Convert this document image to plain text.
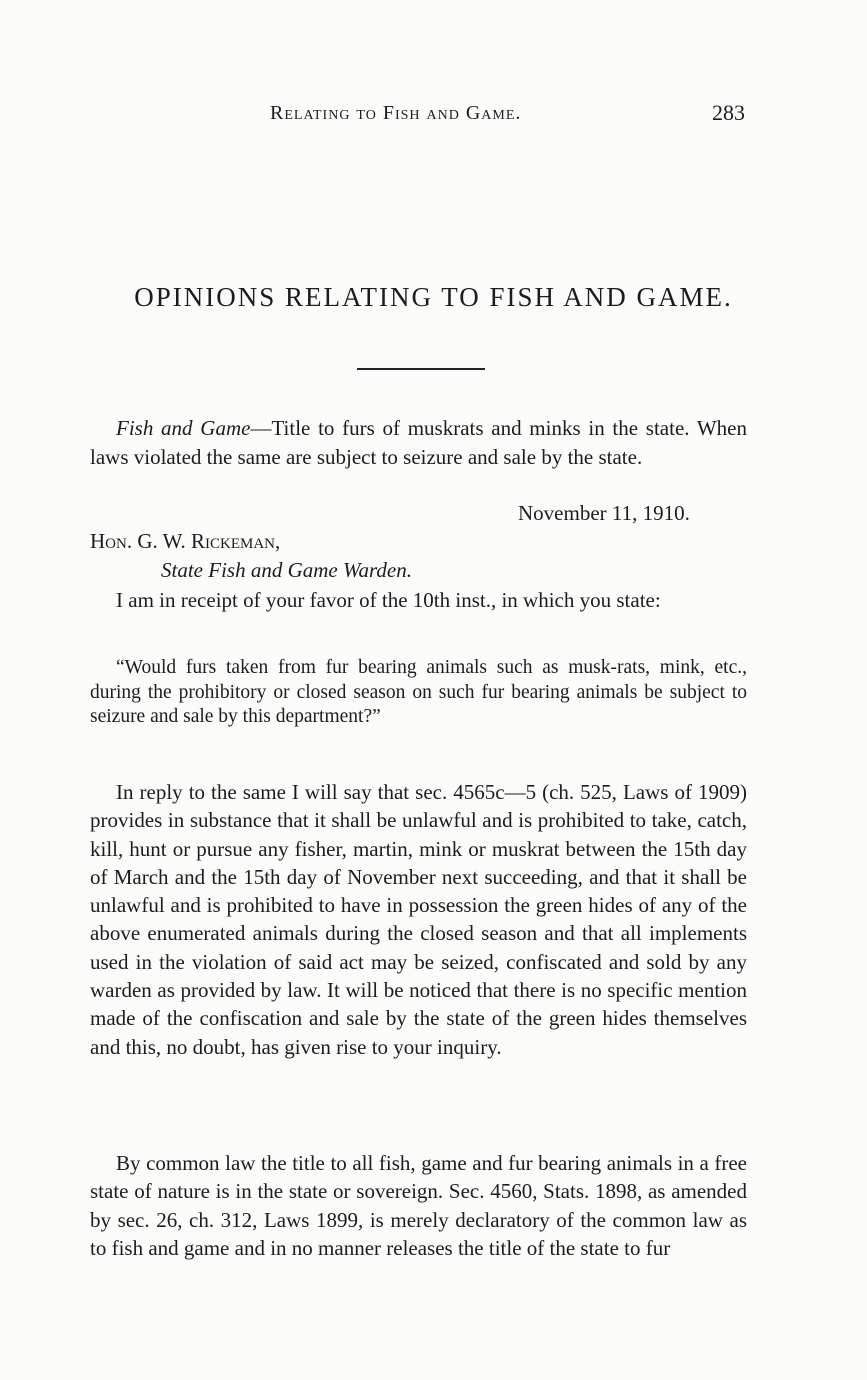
Relating to Fish and Game.	283
OPINIONS RELATING TO FISH AND GAME.
Fish and Game—Title to furs of muskrats and minks in the state. When laws violated the same are subject to seizure and sale by the state.
November 11, 1910.
Hon. G. W. Rickeman,
State Fish and Game Warden.
I am in receipt of your favor of the 10th inst., in which you state:
“Would furs taken from fur bearing animals such as musk-rats, mink, etc., during the prohibitory or closed season on such fur bearing animals be subject to seizure and sale by this department?”
In reply to the same I will say that sec. 4565c—5 (ch. 525, Laws of 1909) provides in substance that it shall be unlawful and is prohibited to take, catch, kill, hunt or pursue any fisher, martin, mink or muskrat between the 15th day of March and the 15th day of November next succeeding, and that it shall be unlawful and is prohibited to have in possession the green hides of any of the above enumerated animals during the closed season and that all implements used in the violation of said act may be seized, confiscated and sold by any warden as provided by law. It will be noticed that there is no specific mention made of the confiscation and sale by the state of the green hides themselves and this, no doubt, has given rise to your inquiry.
By common law the title to all fish, game and fur bearing animals in a free state of nature is in the state or sovereign. Sec. 4560, Stats. 1898, as amended by sec. 26, ch. 312, Laws 1899, is merely declaratory of the common law as to fish and game and in no manner releases the title of the state to fur
